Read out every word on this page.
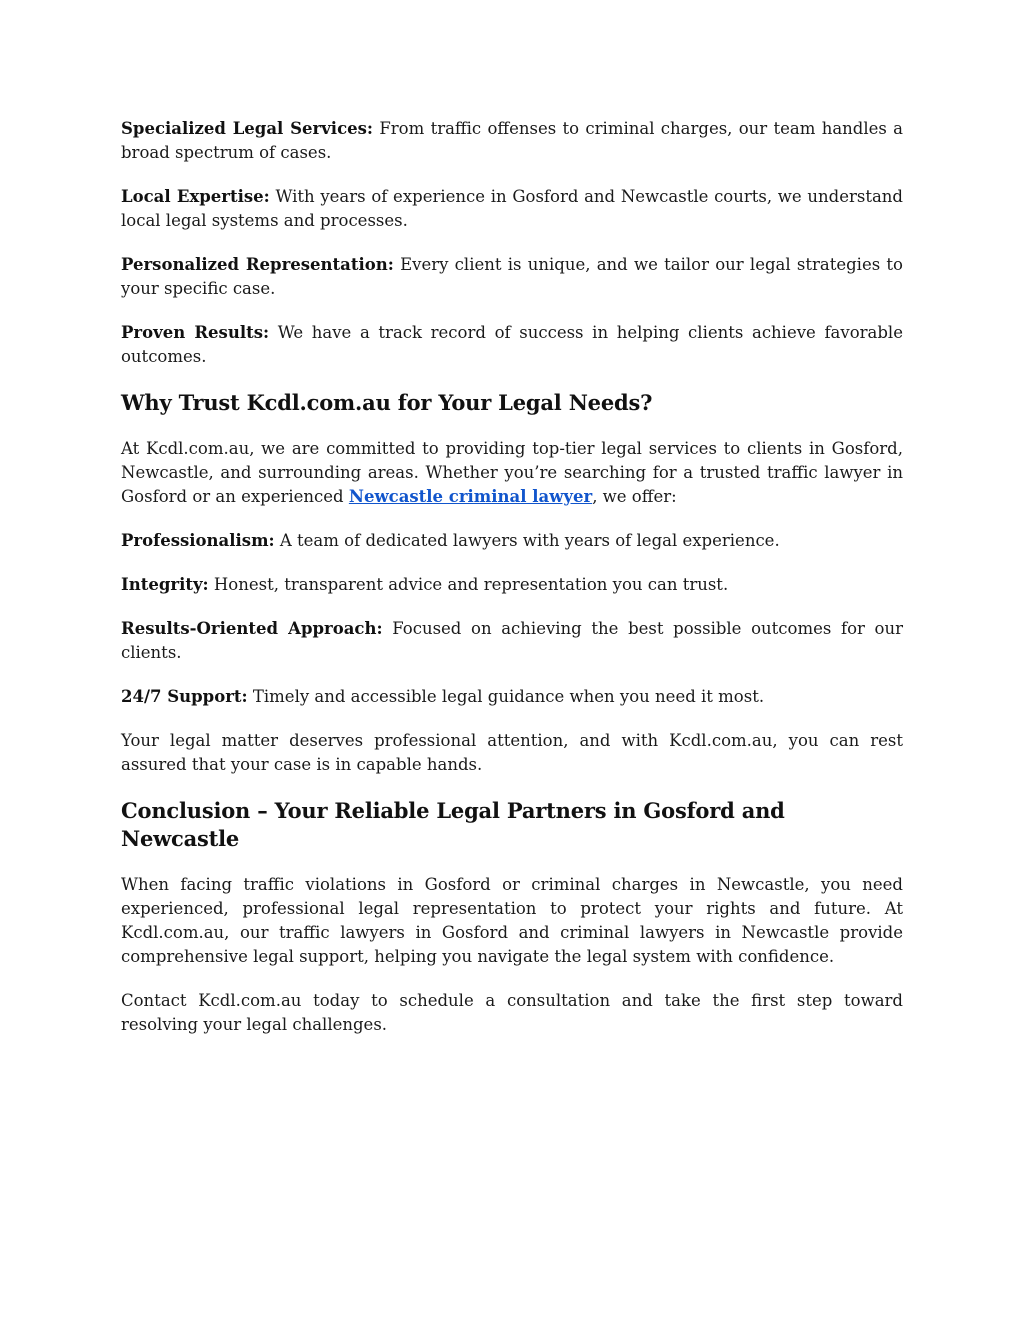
Specialized Legal Services: From traffic offenses to criminal charges, our team handles a broad spectrum of cases.

Local Expertise: With years of experience in Gosford and Newcastle courts, we understand local legal systems and processes.

Personalized Representation: Every client is unique, and we tailor our legal strategies to your specific case.

Proven Results: We have a track record of success in helping clients achieve favorable outcomes.

Why Trust Kcdl.com.au for Your Legal Needs?

At Kcdl.com.au, we are committed to providing top-tier legal services to clients in Gosford, Newcastle, and surrounding areas. Whether you’re searching for a trusted traffic lawyer in Gosford or an experienced Newcastle criminal lawyer, we offer:

Professionalism: A team of dedicated lawyers with years of legal experience.

Integrity: Honest, transparent advice and representation you can trust.

Results-Oriented Approach: Focused on achieving the best possible outcomes for our clients.

24/7 Support: Timely and accessible legal guidance when you need it most.

Your legal matter deserves professional attention, and with Kcdl.com.au, you can rest assured that your case is in capable hands.

Conclusion – Your Reliable Legal Partners in Gosford and Newcastle

When facing traffic violations in Gosford or criminal charges in Newcastle, you need experienced, professional legal representation to protect your rights and future. At Kcdl.com.au, our traffic lawyers in Gosford and criminal lawyers in Newcastle provide comprehensive legal support, helping you navigate the legal system with confidence.

Contact Kcdl.com.au today to schedule a consultation and take the first step toward resolving your legal challenges.
